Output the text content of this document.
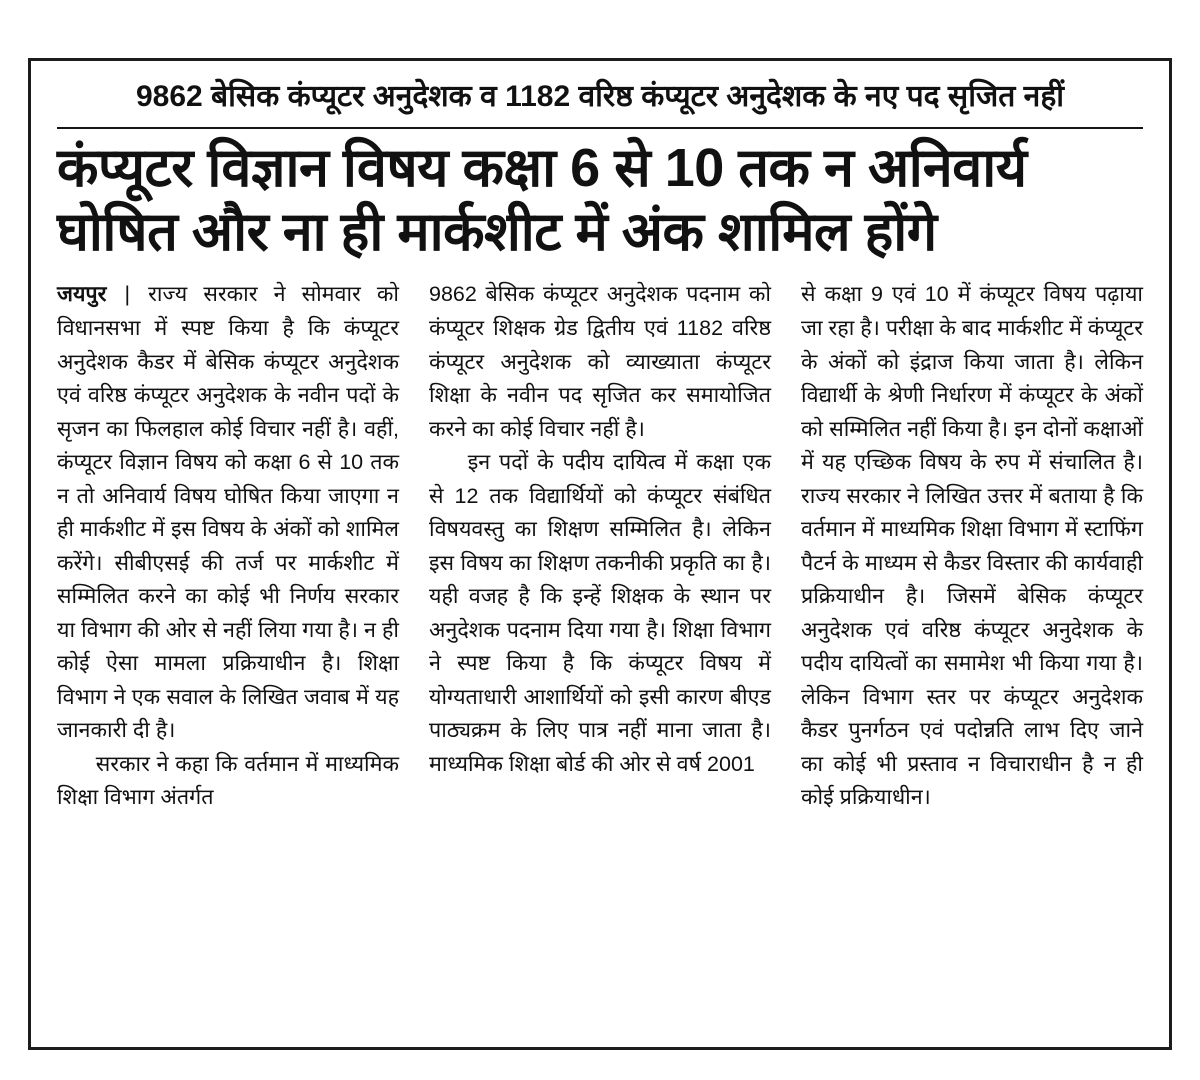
9862 बेसिक कंप्यूटर अनुदेशक व 1182 वरिष्ठ कंप्यूटर अनुदेशक के नए पद सृजित नहीं
कंप्यूटर विज्ञान विषय कक्षा 6 से 10 तक न अनिवार्य घोषित और ना ही मार्कशीट में अंक शामिल होंगे

जयपुर | राज्य सरकार ने सोमवार को विधानसभा में स्पष्ट किया है कि कंप्यूटर अनुदेशक कैडर में बेसिक कंप्यूटर अनुदेशक एवं वरिष्ठ कंप्यूटर अनुदेशक के नवीन पदों के सृजन का फिलहाल कोई विचार नहीं है। वहीं, कंप्यूटर विज्ञान विषय को कक्षा 6 से 10 तक न तो अनिवार्य विषय घोषित किया जाएगा न ही मार्कशीट में इस विषय के अंकों को शामिल करेंगे। सीबीएसई की तर्ज पर मार्कशीट में सम्मिलित करने का कोई भी निर्णय सरकार या विभाग की ओर से नहीं लिया गया है। न ही कोई ऐसा मामला प्रक्रियाधीन है। शिक्षा विभाग ने एक सवाल के लिखित जवाब में यह जानकारी दी है।

सरकार ने कहा कि वर्तमान में माध्यमिक शिक्षा विभाग अंतर्गत

9862 बेसिक कंप्यूटर अनुदेशक पदनाम को कंप्यूटर शिक्षक ग्रेड द्वितीय एवं 1182 वरिष्ठ कंप्यूटर अनुदेशक को व्याख्याता कंप्यूटर शिक्षा के नवीन पद सृजित कर समायोजित करने का कोई विचार नहीं है।

इन पदों के पदीय दायित्व में कक्षा एक से 12 तक विद्यार्थियों को कंप्यूटर संबंधित विषयवस्तु का शिक्षण सम्मिलित है। लेकिन इस विषय का शिक्षण तकनीकी प्रकृति का है। यही वजह है कि इन्हें शिक्षक के स्थान पर अनुदेशक पदनाम दिया गया है। शिक्षा विभाग ने स्पष्ट किया है कि कंप्यूटर विषय में योग्यताधारी आशार्थियों को इसी कारण बीएड पाठ्यक्रम के लिए पात्र नहीं माना जाता है। माध्यमिक शिक्षा बोर्ड की ओर से वर्ष 2001

से कक्षा 9 एवं 10 में कंप्यूटर विषय पढ़ाया जा रहा है। परीक्षा के बाद मार्कशीट में कंप्यूटर के अंकों को इंद्राज किया जाता है। लेकिन विद्यार्थी के श्रेणी निर्धारण में कंप्यूटर के अंकों को सम्मिलित नहीं किया है। इन दोनों कक्षाओं में यह एच्छिक विषय के रुप में संचालित है। राज्य सरकार ने लिखित उत्तर में बताया है कि वर्तमान में माध्यमिक शिक्षा विभाग में स्टाफिंग पैटर्न के माध्यम से कैडर विस्तार की कार्यवाही प्रक्रियाधीन है। जिसमें बेसिक कंप्यूटर अनुदेशक एवं वरिष्ठ कंप्यूटर अनुदेशक के पदीय दायित्वों का समामेश भी किया गया है। लेकिन विभाग स्तर पर कंप्यूटर अनुदेशक कैडर पुनर्गठन एवं पदोन्नति लाभ दिए जाने का कोई भी प्रस्ताव न विचाराधीन है न ही कोई प्रक्रियाधीन।
